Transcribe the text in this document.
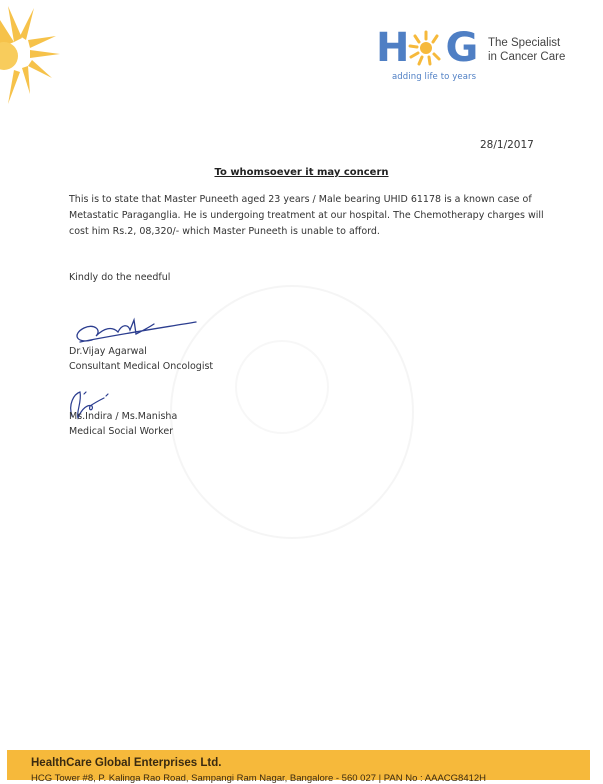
H G
adding life to years
The Specialist
in Cancer Care
28/1/2017
To whomsoever it may concern
This is to state that Master Puneeth aged 23 years / Male bearing UHID 61178 is a known case of Metastatic Paraganglia. He is undergoing treatment at our hospital. The Chemotherapy charges will cost him Rs.2, 08,320/- which Master Puneeth is unable to afford.
Kindly do the needful
Dr.Vijay Agarwal
Consultant Medical Oncologist
Ms.Indira / Ms.Manisha
Medical Social Worker
HealthCare Global Enterprises Ltd.
HCG Tower #8, P. Kalinga Rao Road, Sampangi Ram Nagar, Bangalore - 560 027 | PAN No : AAACG8412H
